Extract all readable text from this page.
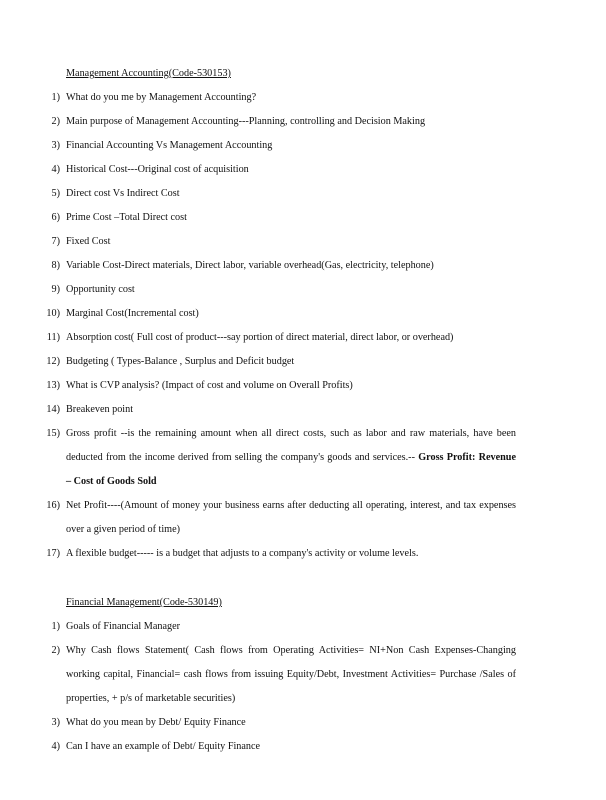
Management Accounting(Code-530153)
1) What do you me by Management Accounting?
2) Main purpose of Management Accounting---Planning, controlling and Decision Making
3) Financial Accounting Vs Management Accounting
4) Historical Cost---Original cost of acquisition
5) Direct cost Vs Indirect Cost
6) Prime Cost –Total Direct cost
7) Fixed Cost
8) Variable Cost-Direct materials, Direct labor, variable overhead(Gas, electricity, telephone)
9) Opportunity cost
10) Marginal Cost(Incremental cost)
11) Absorption cost( Full cost of product---say portion of direct material, direct labor, or overhead)
12) Budgeting ( Types-Balance , Surplus and Deficit budget
13) What is CVP analysis? (Impact of cost and volume on Overall Profits)
14) Breakeven point
15) Gross profit --is the remaining amount when all direct costs, such as labor and raw materials, have been
deducted from the income derived from selling the company's goods and services.-- Gross Profit: Revenue
– Cost of Goods Sold
16) Net Profit----(Amount of money your business earns after deducting all operating, interest, and tax expenses
over a given period of time)
17) A flexible budget----- is a budget that adjusts to a company's activity or volume levels.
Financial Management(Code-530149)
1) Goals of Financial Manager
2) Why Cash flows Statement( Cash flows from Operating Activities= NI+Non Cash Expenses-Changing
working capital, Financial= cash flows from issuing Equity/Debt, Investment Activities= Purchase /Sales of
properties, + p/s of marketable securities)
3) What do you mean by Debt/ Equity Finance
4) Can I have an example of Debt/ Equity Finance
